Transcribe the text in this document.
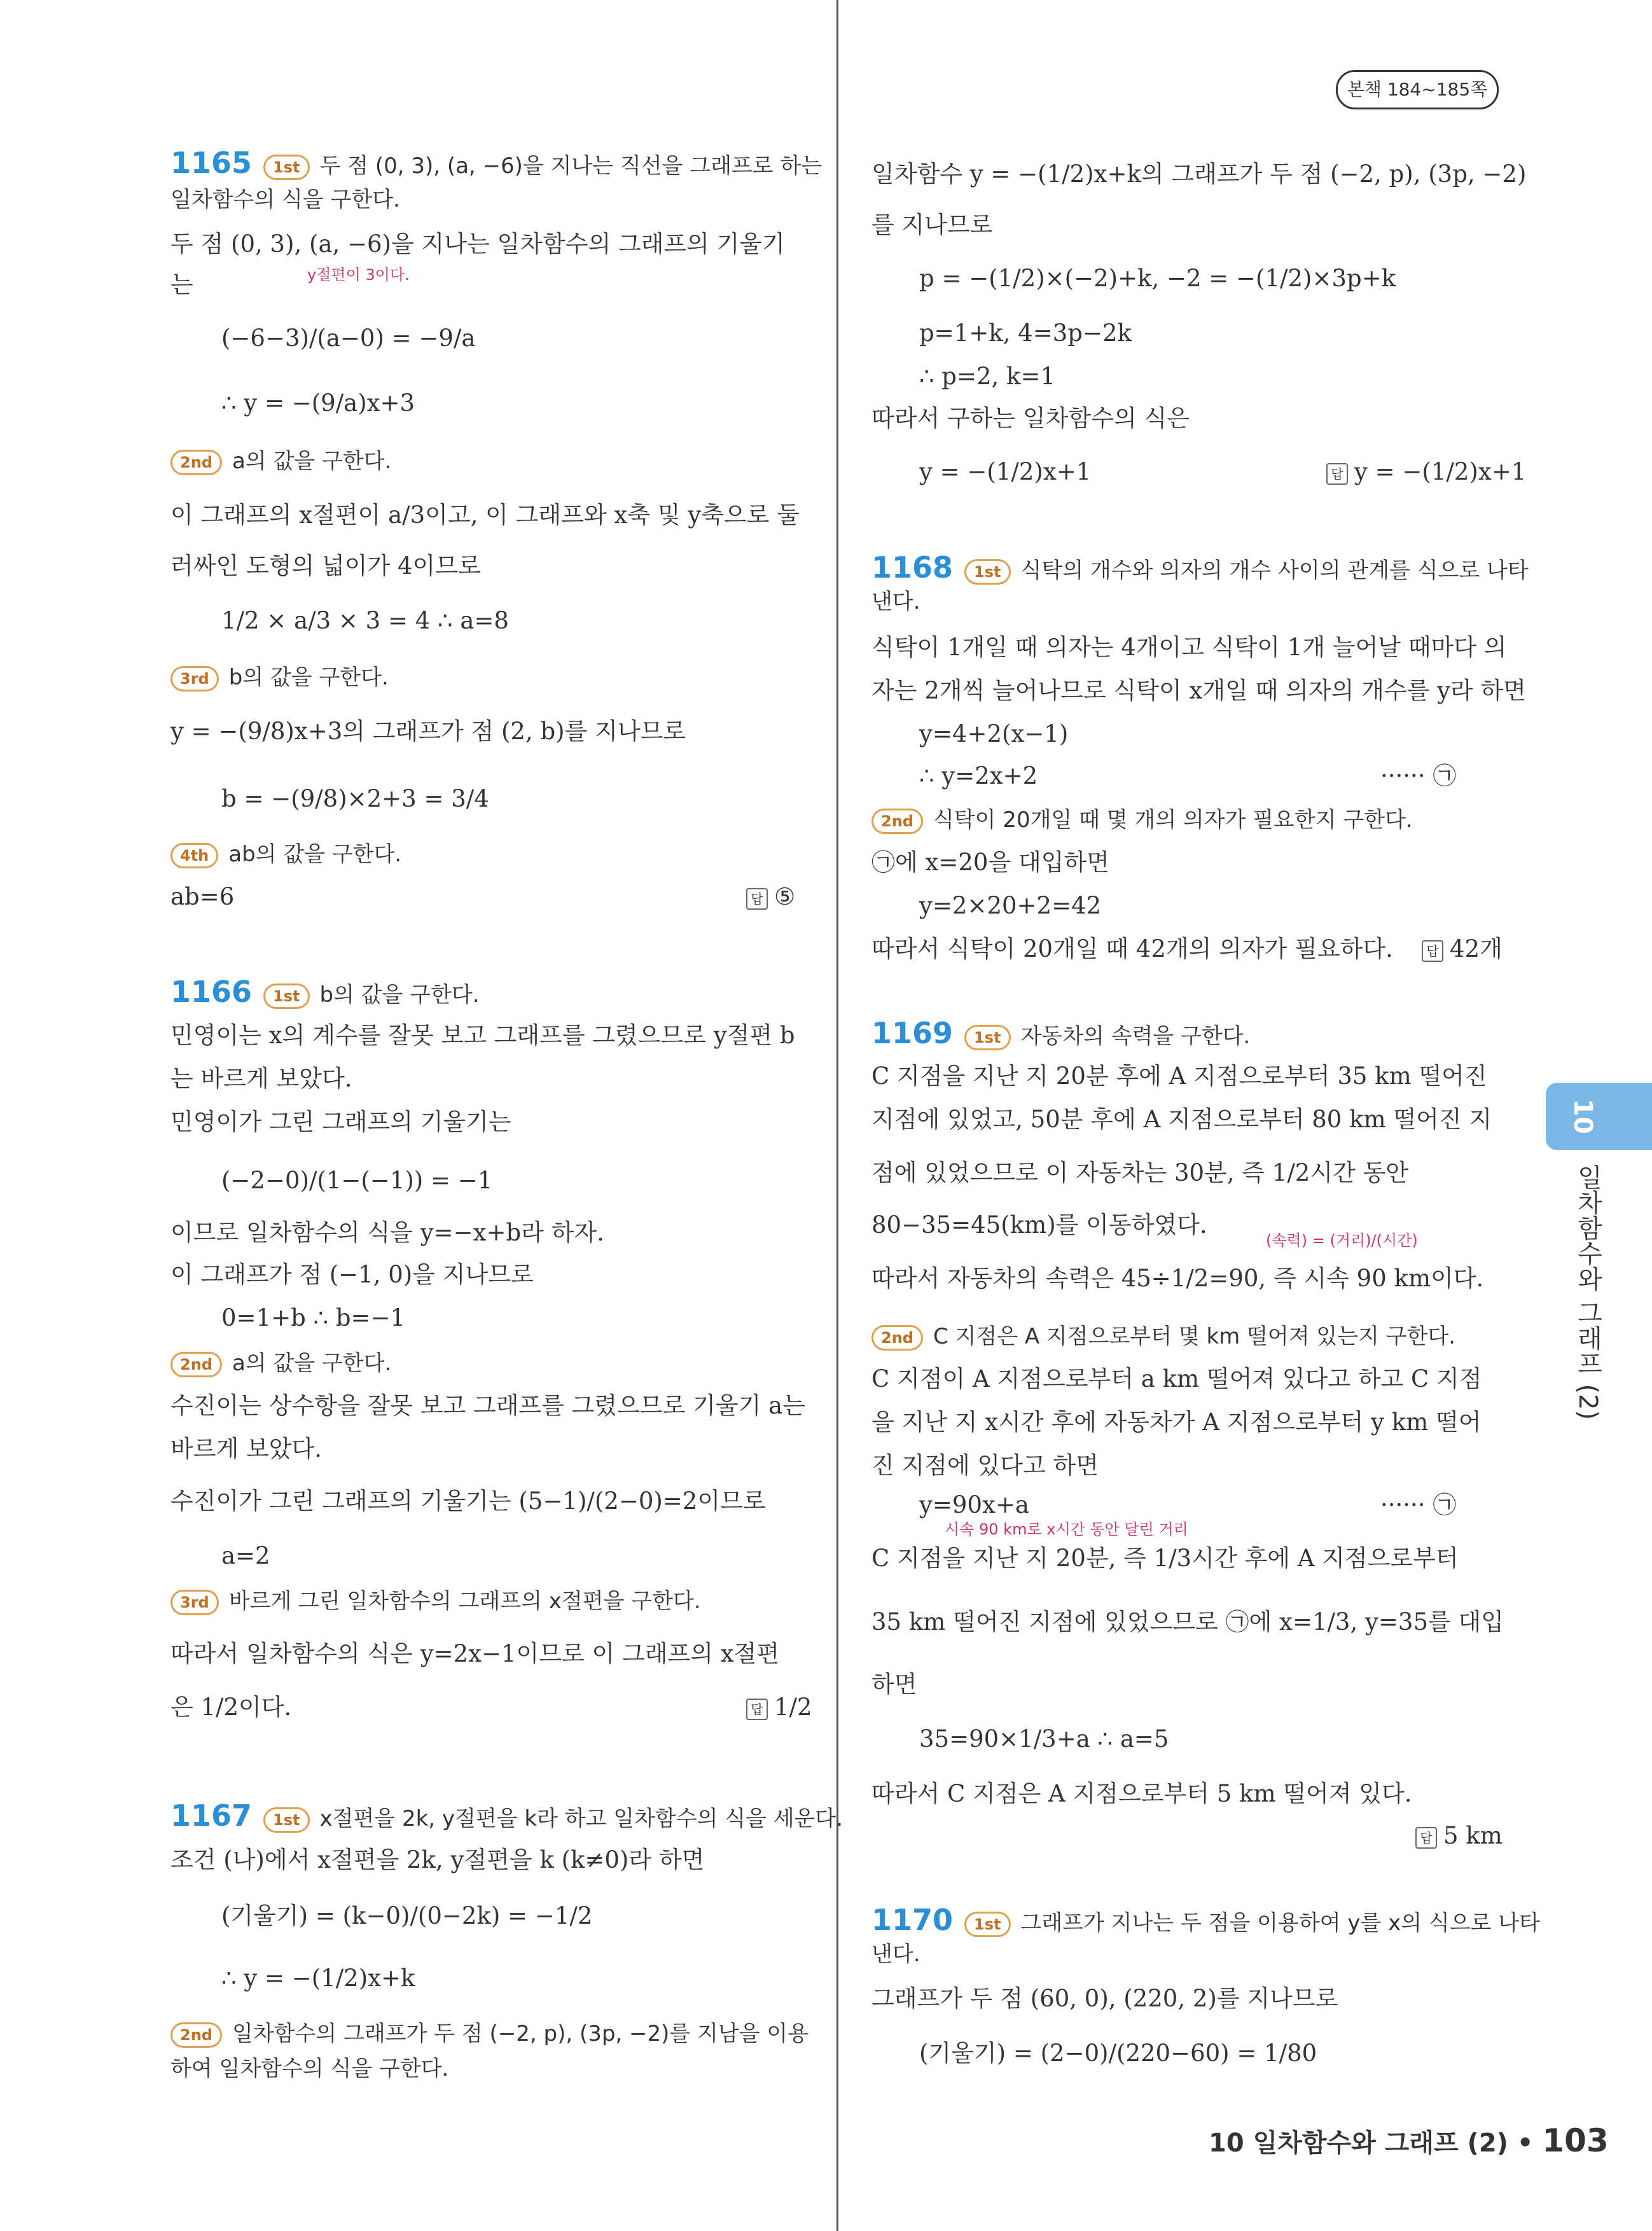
본책 184~185쪽
10
일차함수와 그래프 (2)
1165 1st 두 점 (0, 3), (a, −6)을 지나는 직선을 그래프로 하는
일차함수의 식을 구한다.
두 점 (0, 3), (a, −6)을 지나는 일차함수의 그래프의 기울기
y절편이 3이다.
는
(−6−3)/(a−0) = −9/a
∴ y = −(9/a)x+3
2nd a의 값을 구한다.
이 그래프의 x절편이 a/3이고, 이 그래프와 x축 및 y축으로 둘
러싸인 도형의 넓이가 4이므로
1/2 × a/3 × 3 = 4 ∴ a=8
3rd b의 값을 구한다.
y = −(9/8)x+3의 그래프가 점 (2, b)를 지나므로
b = −(9/8)×2+3 = 3/4
4th ab의 값을 구한다.
ab=6	답 ⑤
1166 1st b의 값을 구한다.
민영이는 x의 계수를 잘못 보고 그래프를 그렸으므로 y절편 b
는 바르게 보았다.
민영이가 그린 그래프의 기울기는
(−2−0)/(1−(−1)) = −1
이므로 일차함수의 식을 y=−x+b라 하자.
이 그래프가 점 (−1, 0)을 지나므로
0=1+b ∴ b=−1
2nd a의 값을 구한다.
수진이는 상수항을 잘못 보고 그래프를 그렸으므로 기울기 a는
바르게 보았다.
수진이가 그린 그래프의 기울기는 (5−1)/(2−0)=2이므로
a=2
3rd 바르게 그린 일차함수의 그래프의 x절편을 구한다.
따라서 일차함수의 식은 y=2x−1이므로 이 그래프의 x절편
은 1/2이다.	답 1/2
1167 1st x절편을 2k, y절편을 k라 하고 일차함수의 식을 세운다.
조건 (나)에서 x절편을 2k, y절편을 k (k≠0)라 하면
(기울기) = (k−0)/(0−2k) = −1/2
∴ y = −(1/2)x+k
2nd 일차함수의 그래프가 두 점 (−2, p), (3p, −2)를 지남을 이용
하여 일차함수의 식을 구한다.
일차함수 y = −(1/2)x+k의 그래프가 두 점 (−2, p), (3p, −2)
를 지나므로
p = −(1/2)×(−2)+k, −2 = −(1/2)×3p+k
p=1+k, 4=3p−2k
∴ p=2, k=1
따라서 구하는 일차함수의 식은
y = −(1/2)x+1	답 y = −(1/2)x+1
1168 1st 식탁의 개수와 의자의 개수 사이의 관계를 식으로 나타
낸다.
식탁이 1개일 때 의자는 4개이고 식탁이 1개 늘어날 때마다 의
자는 2개씩 늘어나므로 식탁이 x개일 때 의자의 개수를 y라 하면
y=4+2(x−1)
∴ y=2x+2	······ ㉠
2nd 식탁이 20개일 때 몇 개의 의자가 필요한지 구한다.
㉠에 x=20을 대입하면
y=2×20+2=42
따라서 식탁이 20개일 때 42개의 의자가 필요하다.	답 42개
1169 1st 자동차의 속력을 구한다.
C 지점을 지난 지 20분 후에 A 지점으로부터 35 km 떨어진
지점에 있었고, 50분 후에 A 지점으로부터 80 km 떨어진 지
점에 있었으므로 이 자동차는 30분, 즉 1/2시간 동안
80−35=45(km)를 이동하였다.
(속력) = (거리)/(시간)
따라서 자동차의 속력은 45÷1/2=90, 즉 시속 90 km이다.
2nd C 지점은 A 지점으로부터 몇 km 떨어져 있는지 구한다.
C 지점이 A 지점으로부터 a km 떨어져 있다고 하고 C 지점
을 지난 지 x시간 후에 자동차가 A 지점으로부터 y km 떨어
진 지점에 있다고 하면
y=90x+a	······ ㉠
시속 90 km로 x시간 동안 달린 거리
C 지점을 지난 지 20분, 즉 1/3시간 후에 A 지점으로부터
35 km 떨어진 지점에 있었으므로 ㉠에 x=1/3, y=35를 대입
하면
35=90×1/3+a ∴ a=5
따라서 C 지점은 A 지점으로부터 5 km 떨어져 있다.
답 5 km
1170 1st 그래프가 지나는 두 점을 이용하여 y를 x의 식으로 나타
낸다.
그래프가 두 점 (60, 0), (220, 2)를 지나므로
(기울기) = (2−0)/(220−60) = 1/80
10 일차함수와 그래프 (2) • 103
